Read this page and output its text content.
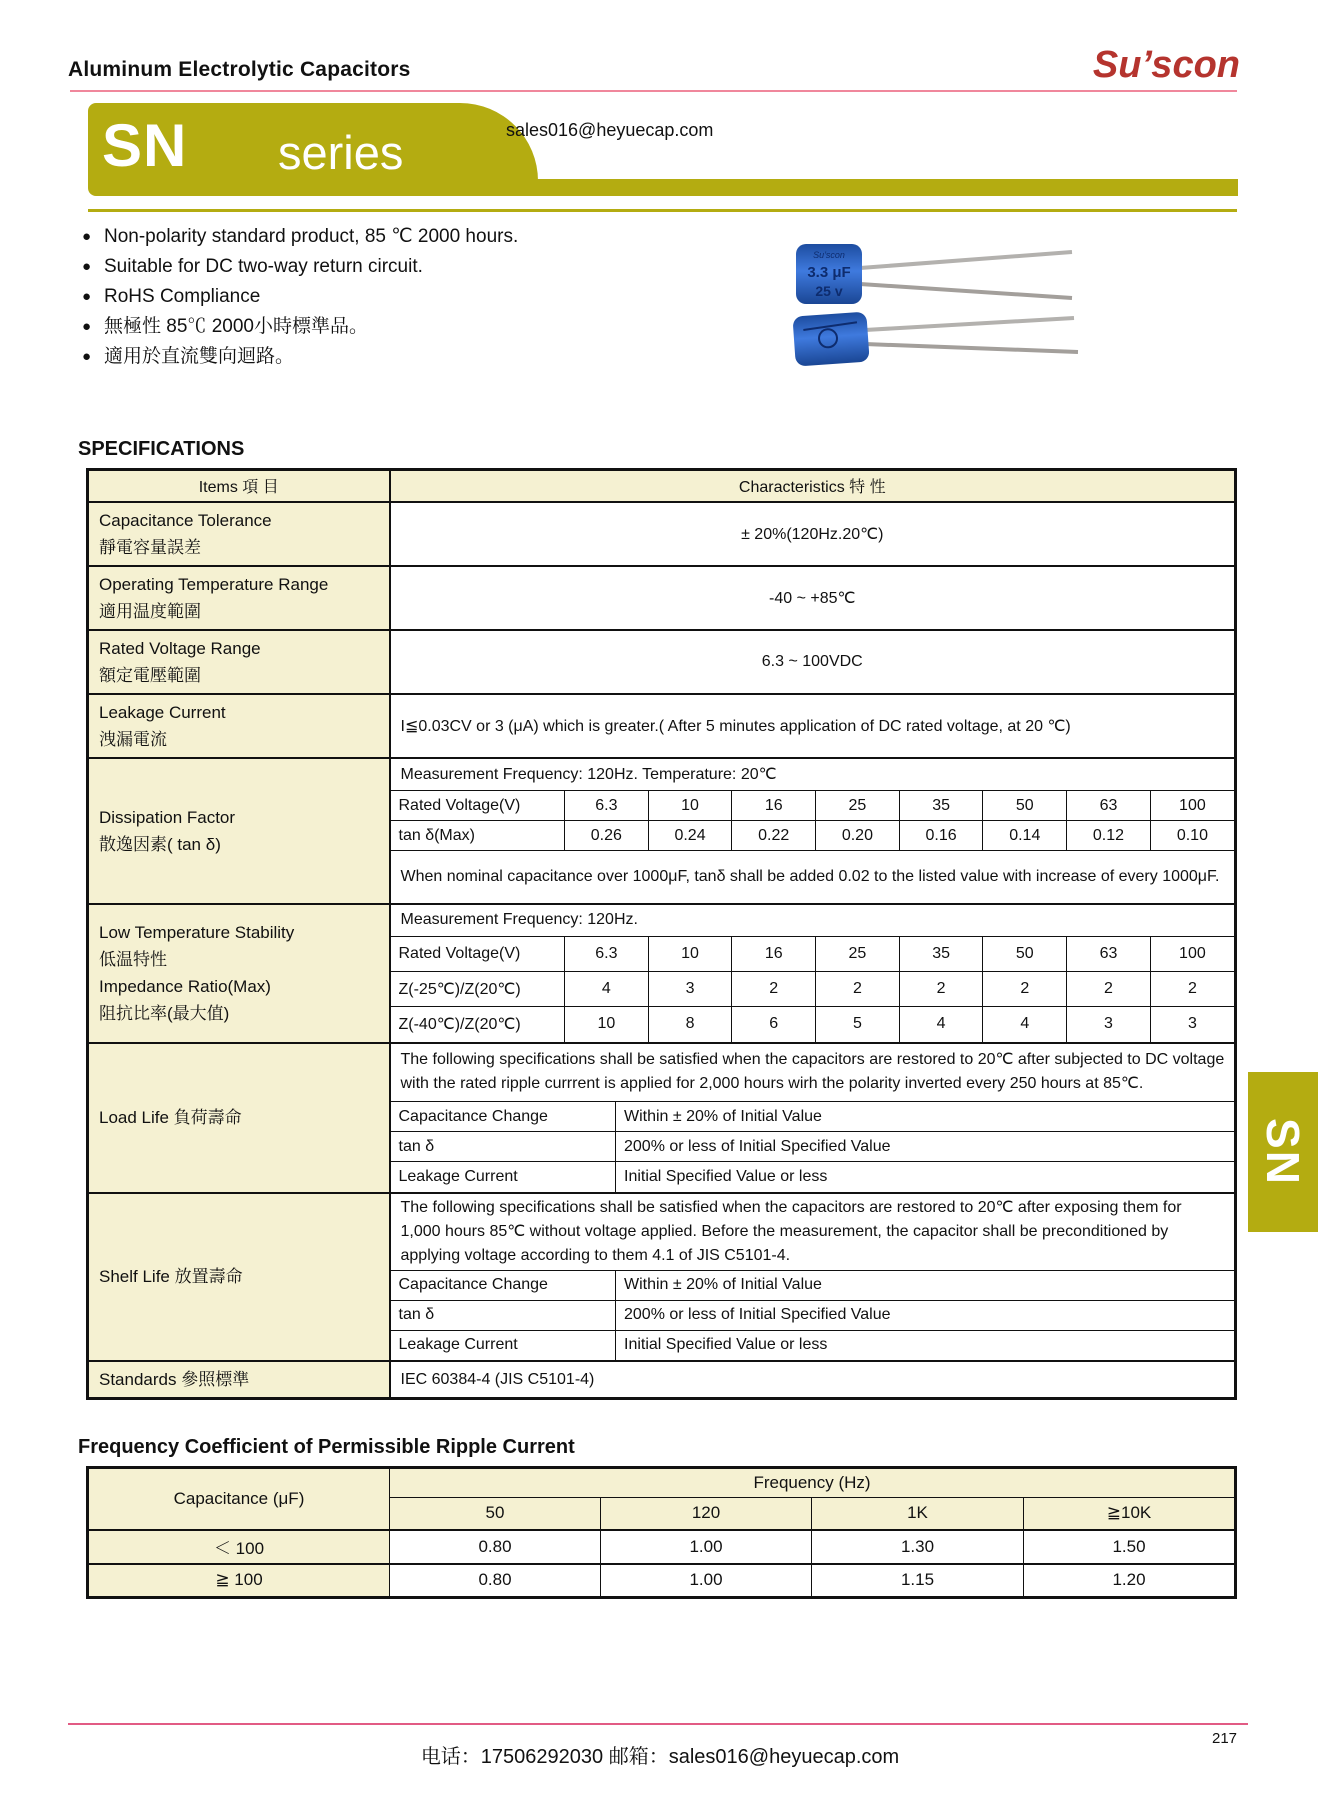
Aluminum Electrolytic Capacitors	Su’scon
SN series	sales016@heyuecap.com
● Non-polarity standard product, 85 ℃ 2000 hours.
● Suitable for DC two-way return circuit.
● RoHS Compliance
● 無極性 85℃ 2000小時標準品。
● 適用於直流雙向迴路。
Su’scon
3.3 μF
25 v
SPECIFICATIONS
Items 項 目	Characteristics 特 性

Capacitance Tolerance
靜電容量誤差
	± 20%(120Hz.20℃)

Operating Temperature Range
適用温度範圍
	-40 ~ +85℃

Rated Voltage Range
額定電壓範圍
	6.3 ~ 100VDC

Leakage Current
洩漏電流
	I≦0.03CV or 3 (μA) which is greater.( After 5 minutes application of DC rated voltage, at 20 ℃)

Dissipation Factor
散逸因素( tan δ)

Measurement Frequency: 120Hz. Temperature: 20℃
Rated Voltage(V)	6.3	10	16	25	35	50	63	100
tan δ(Max)	0.26	0.24	0.22	0.20	0.16	0.14	0.12	0.10
When nominal capacitance over 1000μF, tanδ shall be added 0.02 to the listed value with increase of every 1000μF.

Low Temperature Stability
低温特性
Impedance Ratio(Max)
阻抗比率(最大值)

Measurement Frequency: 120Hz.
Rated Voltage(V)	6.3	10	16	25	35	50	63	100
Z(-25℃)/Z(20℃)	4	3	2	2	2	2	2	2
Z(-40℃)/Z(20℃)	10	8	6	5	4	4	3	3

Load Life 負荷壽命

The following specifications shall be satisfied when the capacitors are restored to 20℃ after subjected to DC voltage with the rated ripple currrent is applied for 2,000 hours wirh the polarity inverted every 250 hours at 85℃.
Capacitance Change	Within ± 20% of Initial Value
tan δ	200% or less of Initial Specified Value
Leakage Current	Initial Specified Value or less

Shelf Life 放置壽命

The following specifications shall be satisfied when the capacitors are restored to 20℃ after exposing them for 1,000 hours 85℃ without voltage applied. Before the measurement, the capacitor shall be preconditioned by applying voltage according to them 4.1 of JIS C5101-4.
Capacitance Change	Within ± 20% of Initial Value
tan δ	200% or less of Initial Specified Value
Leakage Current	Initial Specified Value or less

Standards 參照標準	IEC 60384-4 (JIS C5101-4)
SN
Frequency Coefficient of Permissible Ripple Current
Capacitance (μF)	Frequency (Hz)			
	50	120	1K	≧10K
＜ 100	0.80	1.00	1.30	1.50
≧ 100	0.80	1.00	1.15	1.20
电话：17506292030 邮箱：sales016@heyuecap.com
217
